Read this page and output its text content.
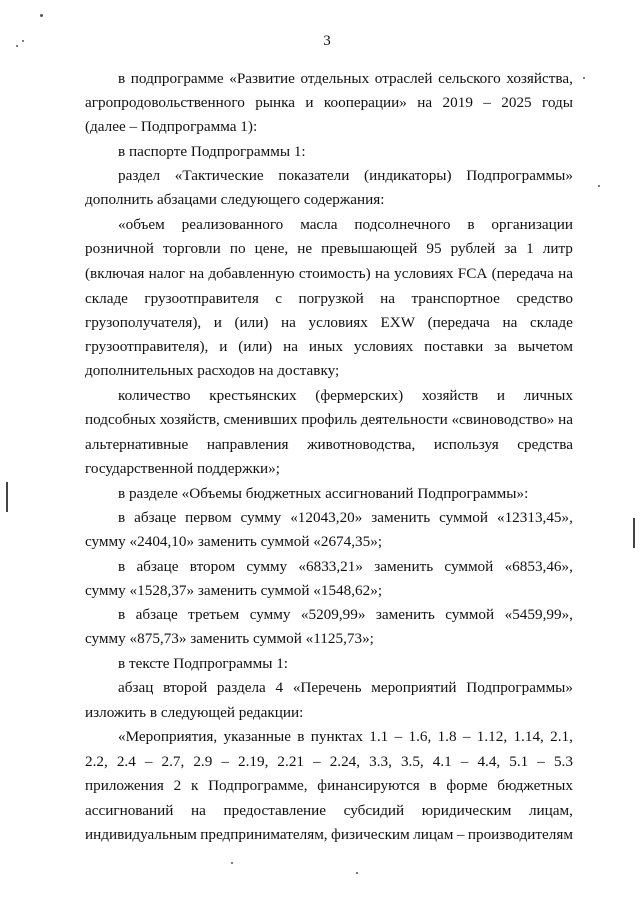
3
в подпрограмме «Развитие отдельных отраслей сельского хозяйства,
агропродовольственного рынка и кооперации» на 2019 – 2025 годы
(далее – Подпрограмма 1):
в паспорте Подпрограммы 1:
раздел «Тактические показатели (индикаторы) Подпрограммы»
дополнить абзацами следующего содержания:
«объем реализованного масла подсолнечного в организации
розничной торговли по цене, не превышающей 95 рублей за 1 литр
(включая налог на добавленную стоимость) на условиях FCA (передача на
складе грузоотправителя с погрузкой на транспортное средство
грузополучателя), и (или) на условиях EXW (передача на складе
грузоотправителя), и (или) на иных условиях поставки за вычетом
дополнительных расходов на доставку;
количество крестьянских (фермерских) хозяйств и личных
подсобных хозяйств, сменивших профиль деятельности «свиноводство» на
альтернативные направления животноводства, используя средства
государственной поддержки»;
в разделе «Объемы бюджетных ассигнований Подпрограммы»:
в абзаце первом сумму «12043,20» заменить суммой «12313,45»,
сумму «2404,10» заменить суммой «2674,35»;
в абзаце втором сумму «6833,21» заменить суммой «6853,46»,
сумму «1528,37» заменить суммой «1548,62»;
в абзаце третьем сумму «5209,99» заменить суммой «5459,99»,
сумму «875,73» заменить суммой «1125,73»;
в тексте Подпрограммы 1:
абзац второй раздела 4 «Перечень мероприятий Подпрограммы»
изложить в следующей редакции:
«Мероприятия, указанные в пунктах 1.1 – 1.6, 1.8 – 1.12, 1.14, 2.1,
2.2, 2.4 – 2.7, 2.9 – 2.19, 2.21 – 2.24, 3.3, 3.5, 4.1 – 4.4, 5.1 – 5.3
приложения 2 к Подпрограмме, финансируются в форме бюджетных
ассигнований на предоставление субсидий юридическим лицам,
индивидуальным предпринимателям, физическим лицам – производителям
